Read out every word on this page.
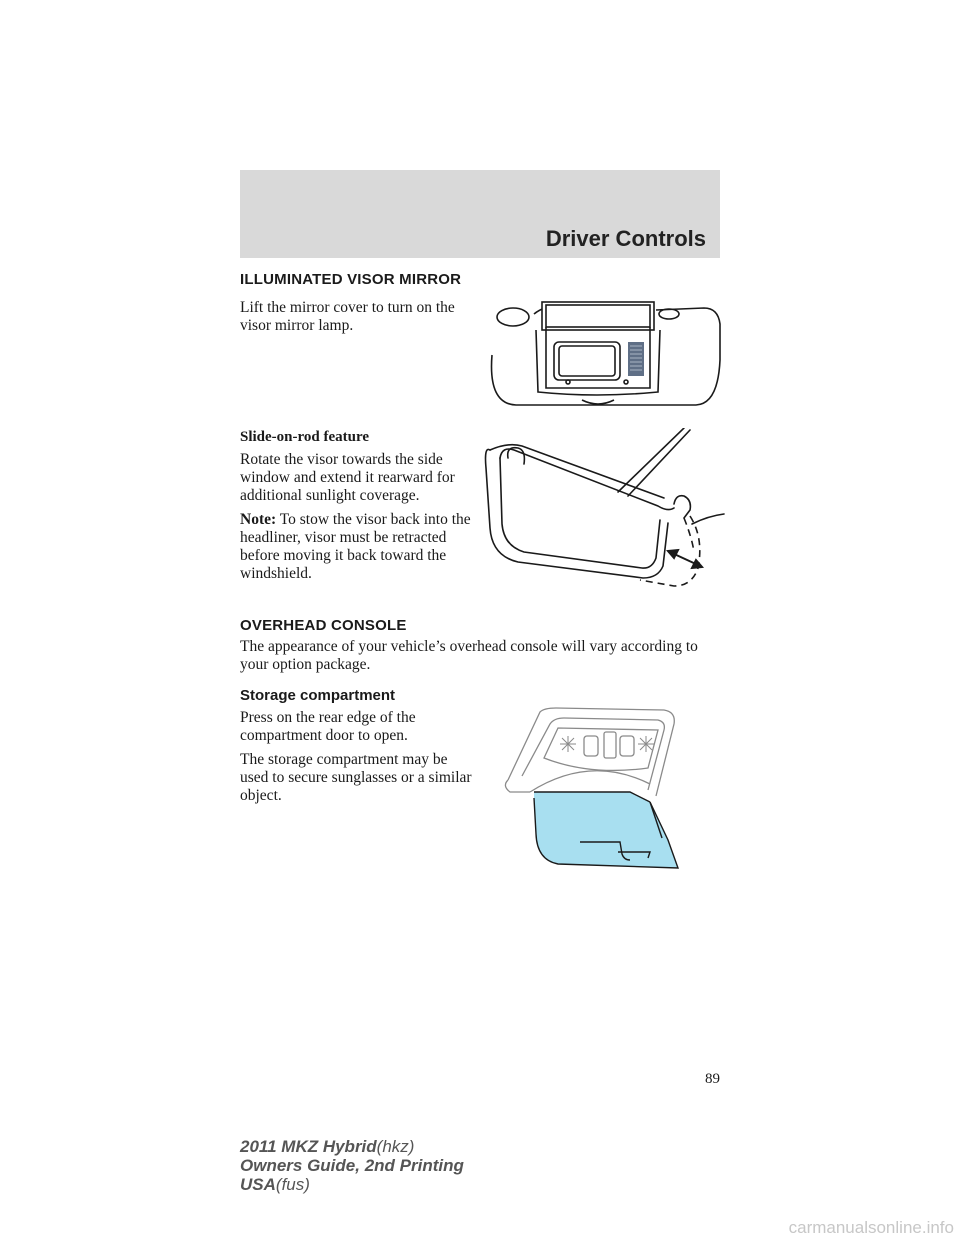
Driver Controls
ILLUMINATED VISOR MIRROR
Lift the mirror cover to turn on the visor mirror lamp.
Slide-on-rod feature
Rotate the visor towards the side window and extend it rearward for additional sunlight coverage.
Note: To stow the visor back into the headliner, visor must be retracted before moving it back toward the windshield.
OVERHEAD CONSOLE
The appearance of your vehicle’s overhead console will vary according to your option package.
Storage compartment
Press on the rear edge of the compartment door to open.
The storage compartment may be used to secure sunglasses or a similar object.
89
2011 MKZ Hybrid(hkz)
Owners Guide, 2nd Printing
USA(fus)
carmanualsonline.info
